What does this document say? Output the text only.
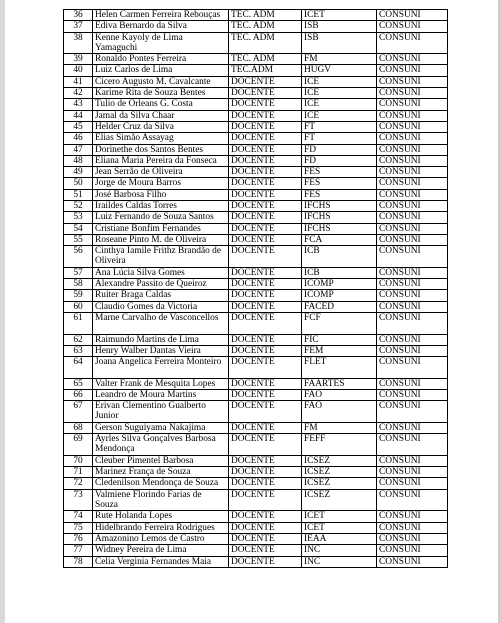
36	Helen Carmen Ferreira Rebouças	TEC. ADM	ICET	CONSUNI
37	Ediva Bernardo da Silva	TEC. ADM	ISB	CONSUNI
38	Kenne Kayoly de Lima Yamaguchi	TEC. ADM	ISB	CONSUNI
39	Ronaldo Pontes Ferreira	TEC. ADM	FM	CONSUNI
40	Luiz Carlos de Lima	TEC.ADM	HUGV	CONSUNI
41	Cicero Augusto M. Cavalcante	DOCENTE	ICE	CONSUNI
42	Karime Rita de Souza Bentes	DOCENTE	ICE	CONSUNI
43	Tulio de Orleans G. Costa	DOCENTE	ICE	CONSUNI
44	Jamal da Silva Chaar	DOCENTE	ICE	CONSUNI
45	Helder Cruz da Silva	DOCENTE	FT	CONSUNI
46	Elias Simão Assayag	DOCENTE	FT	CONSUNI
47	Dorinethe dos Santos Bentes	DOCENTE	FD	CONSUNI
48	Eliana Maria Pereira da Fonseca	DOCENTE	FD	CONSUNI
49	Jean Serrão de Oliveira	DOCENTE	FES	CONSUNI
50	Jorge de Moura Barros	DOCENTE	FES	CONSUNI
51	José Barbosa Filho	DOCENTE	FES	CONSUNI
52	Iraildes Caldas Torres	DOCENTE	IFCHS	CONSUNI
53	Luiz Fernando de Souza Santos	DOCENTE	IFCHS	CONSUNI
54	Cristiane Bonfim Fernandes	DOCENTE	IFCHS	CONSUNI
55	Roseane Pinto M. de Oliveira	DOCENTE	FCA	CONSUNI
56	Cinthya Iamile Frithz Brandão de Oliveira	DOCENTE	ICB	CONSUNI
57	Ana Lúcia Silva Gomes	DOCENTE	ICB	CONSUNI
58	Alexandre Passito de Queiroz	DOCENTE	ICOMP	CONSUNI
59	Ruiter Braga Caldas	DOCENTE	ICOMP	CONSUNI
60	Claudio Gomes da Victoria	DOCENTE	FACED	CONSUNI
61	Marne Carvalho de Vasconcellos	DOCENTE	FCF	CONSUNI
62	Raimundo Martins de Lima	DOCENTE	FIC	CONSUNI
63	Henry Walber Dantas Vieira	DOCENTE	FEM	CONSUNI
64	Joana Angelica Ferreira Monteiro	DOCENTE	FLET	CONSUNI
65	Valter Frank de Mesquita Lopes	DOCENTE	FAARTES	CONSUNI
66	Leandro de Moura Martins	DOCENTE	FAO	CONSUNI
67	Erivan Clementino Gualberto Junior	DOCENTE	FAO	CONSUNI
68	Gerson Suguiyama Nakajima	DOCENTE	FM	CONSUNI
69	Ayrles Silva Gonçalves Barbosa Mendonça	DOCENTE	FEFF	CONSUNI
70	Cleuber Pimentel Barbosa	DOCENTE	ICSEZ	CONSUNI
71	Marinez França de Souza	DOCENTE	ICSEZ	CONSUNI
72	Cledenilson Mendonça de Souza	DOCENTE	ICSEZ	CONSUNI
73	Valmiene Florindo Farias de Souza	DOCENTE	ICSEZ	CONSUNI
74	Rute Holanda Lopes	DOCENTE	ICET	CONSUNI
75	Hidelbrando Ferreira Rodrigues	DOCENTE	ICET	CONSUNI
76	Amazonino Lemos de Castro	DOCENTE	IEAA	CONSUNI
77	Widney Pereira de Lima	DOCENTE	INC	CONSUNI
78	Celia Verginia Fernandes Maia	DOCENTE	INC	CONSUNI
